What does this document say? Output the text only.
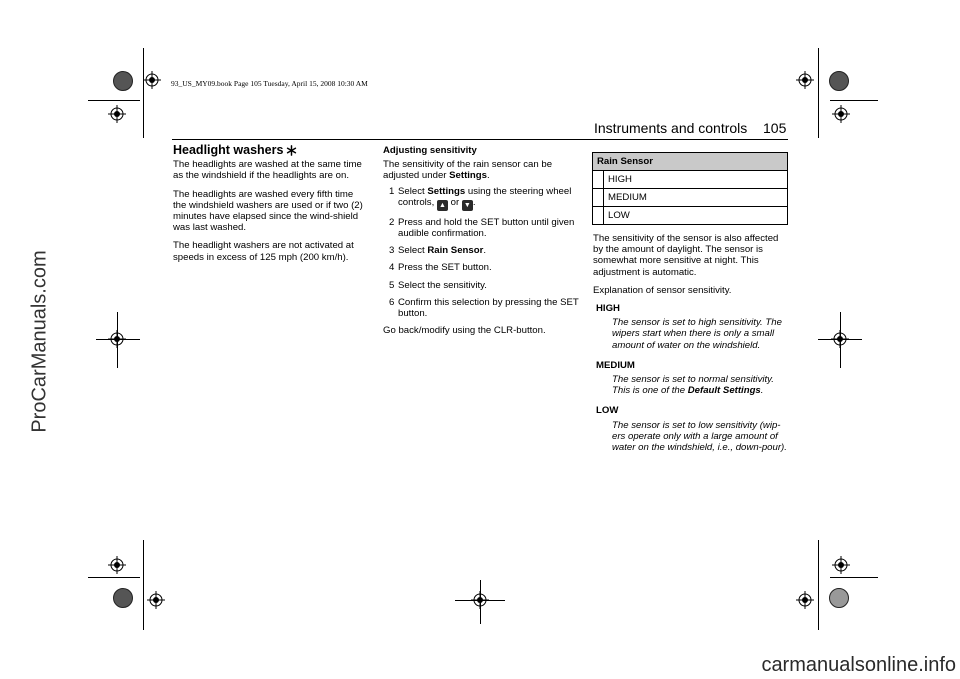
93_US_MY09.book Page 105 Tuesday, April 15, 2008 10:30 AM
ProCarManuals.com
carmanualsonline.info
Instruments and controls 105
Headlight washers

The headlights are washed at the same time as the windshield if the headlights are on.

The headlights are washed every fifth time the windshield washers are used or if two (2) minutes have elapsed since the wind-shield was last washed.

The headlight washers are not activated at speeds in excess of 125 mph (200 km/h).

Adjusting sensitivity

The sensitivity of the rain sensor can be adjusted under Settings.

1 Select Settings using the steering wheel controls, ▲ or ▼ .
2 Press and hold the SET button until given audible confirmation.
3 Select Rain Sensor.
4 Press the SET button.
5 Select the sensitivity.
6 Confirm this selection by pressing the SET button.

Go back/modify using the CLR-button.

Rain Sensor	
	HIGH
	MEDIUM
	LOW

The sensitivity of the sensor is also affected by the amount of daylight. The sensor is somewhat more sensitive at night. This adjustment is automatic.

Explanation of sensor sensitivity.

HIGH
The sensor is set to high sensitivity. The wipers start when there is only a small amount of water on the windshield.
MEDIUM
The sensor is set to normal sensitivity. This is one of the Default Settings.
LOW
The sensor is set to low sensitivity (wip-ers operate only with a large amount of water on the windshield, i.e., down-pour).
